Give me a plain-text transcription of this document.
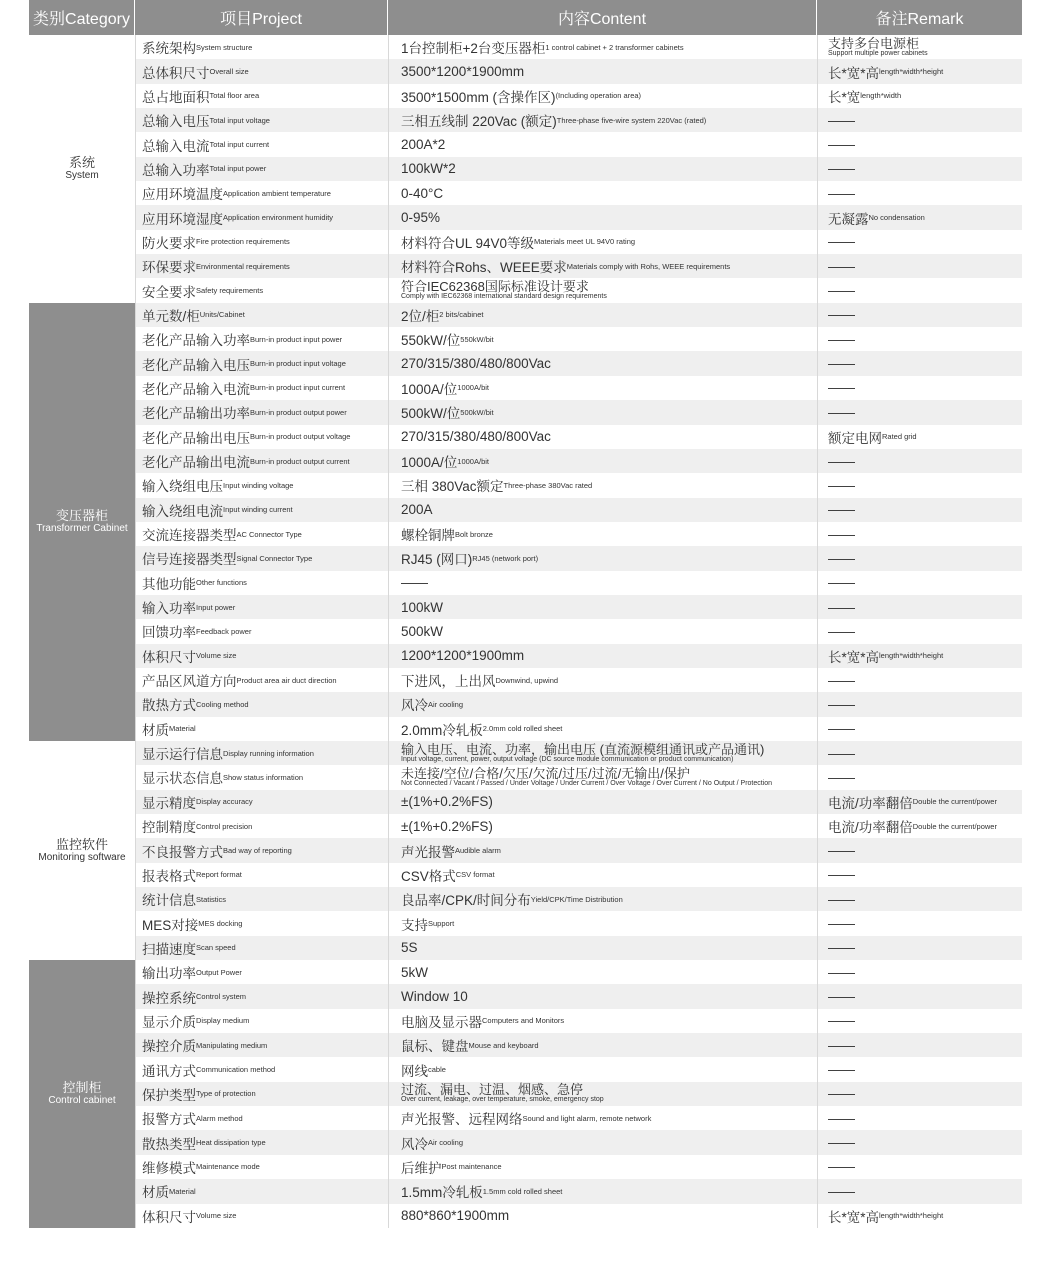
类别Category	项目Project	内容Content	备注Remark
系统
System
系统架构 System structure	1台控制柜+2台变压器柜 1 control cabinet + 2 transformer cabinets	支持多台电源柜
Support multiple power cabinets
总体积尺寸 Overall size	3500*1200*1900mm	长*宽*高 length*width*height
总占地面积 Total floor area	3500*1500mm (含操作区) (Including operation area)	长*宽 length*width
总输入电压 Total input voltage	三相五线制 220Vac (额定) Three-phase five-wire system 220Vac (rated)	——
总输入电流 Total input current	200A*2	——
总输入功率 Total input power	100kW*2	——
应用环境温度 Application ambient temperature	0-40°C	——
应用环境湿度 Application environment humidity	0-95%	无凝露 No condensation
防火要求 Fire protection requirements	材料符合UL 94V0等级 Materials meet UL 94V0 rating	——
环保要求 Environmental requirements	材料符合Rohs、WEEE要求 Materials comply with Rohs, WEEE requirements	——
安全要求 Safety requirements	符合IEC62368国际标准设计要求
Comply with IEC62368 international standard design requirements	——
变压器柜
Transformer Cabinet
单元数/柜 Units/Cabinet	2位/柜 2 bits/cabinet	——
老化产品输入功率 Burn-in product input power	550kW/位 550kW/bit	——
老化产品输入电压 Burn-in product input voltage	270/315/380/480/800Vac	——
老化产品输入电流 Burn-in product input current	1000A/位 1000A/bit	——
老化产品输出功率 Burn-in product output power	500kW/位 500kW/bit	——
老化产品输出电压 Burn-in product output voltage	270/315/380/480/800Vac	额定电网 Rated grid
老化产品输出电流 Burn-in product output current	1000A/位 1000A/bit	——
输入绕组电压 Input winding voltage	三相 380Vac额定 Three-phase 380Vac rated	——
输入绕组电流 Input winding current	200A	——
交流连接器类型 AC Connector Type	螺栓铜牌 Bolt bronze	——
信号连接器类型 Signal Connector Type	RJ45 (网口) RJ45 (network port)	——
其他功能 Other functions	——	——
输入功率 Input power	100kW	——
回馈功率 Feedback power	500kW	——
体积尺寸 Volume size	1200*1200*1900mm	长*宽*高 length*width*height
产品区风道方向 Product area air duct direction	下进风，上出风 Downwind, upwind	——
散热方式 Cooling method	风冷 Air cooling	——
材质 Material	2.0mm冷轧板 2.0mm cold rolled sheet	——
监控软件
Monitoring software
显示运行信息 Display running information	输入电压、电流、功率，输出电压 (直流源模组通讯或产品通讯)
Input voltage, current, power, output voltage (DC source module communication or product communication)	——
显示状态信息 Show status information	未连接/空位/合格/欠压/欠流/过压/过流/无输出/保护
Not Connected / Vacant / Passed / Under Voltage / Under Current / Over Voltage / Over Current / No Output / Protection	——
显示精度 Display accuracy	±(1%+0.2%FS)	电流/功率翻倍 Double the current/power
控制精度 Control precision	±(1%+0.2%FS)	电流/功率翻倍 Double the current/power
不良报警方式 Bad way of reporting	声光报警 Audible alarm	——
报表格式 Report format	CSV格式 CSV format	——
统计信息 Statistics	良品率/CPK/时间分布 Yield/CPK/Time Distribution	——
MES对接 MES docking	支持 Support	——
扫描速度 Scan speed	5S	——
控制柜
Control cabinet
输出功率 Output Power	5kW	——
操控系统 Control system	Window 10	——
显示介质 Display medium	电脑及显示器 Computers and Monitors	——
操控介质 Manipulating medium	鼠标、键盘 Mouse and keyboard	——
通讯方式 Communication method	网线 cable	——
保护类型 Type of protection	过流、漏电、过温、烟感、急停
Over current, leakage, over temperature, smoke, emergency stop	——
报警方式 Alarm method	声光报警、远程网络 Sound and light alarm, remote network	——
散热类型 Heat dissipation type	风冷 Air cooling	——
维修模式 Maintenance mode	后维护 Post maintenance	——
材质 Material	1.5mm冷轧板 1.5mm cold rolled sheet	——
体积尺寸 Volume size	880*860*1900mm	长*宽*高 length*width*height
